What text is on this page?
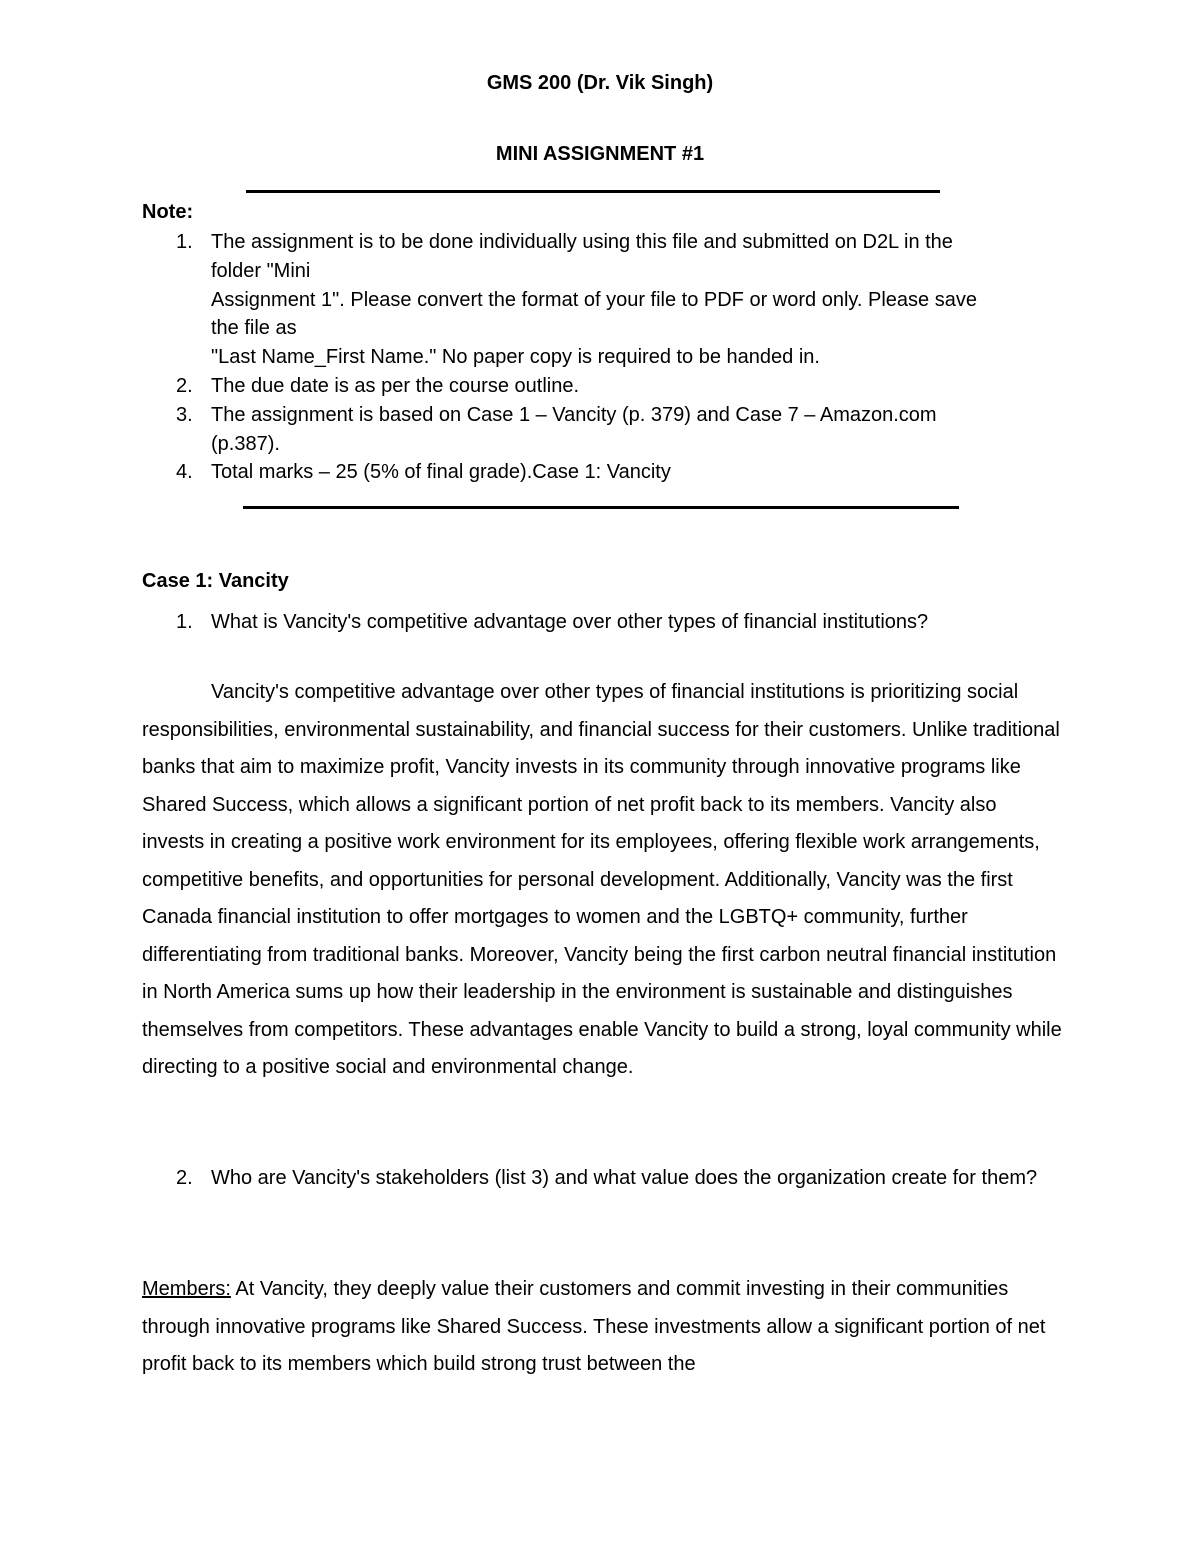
GMS 200 (Dr. Vik Singh)
MINI ASSIGNMENT #1
Note:
1. The assignment is to be done individually using this file and submitted on D2L in the
folder "Mini
Assignment 1". Please convert the format of your file to PDF or word only. Please save
the file as
"Last Name_First Name." No paper copy is required to be handed in.
2. The due date is as per the course outline.
3. The assignment is based on Case 1 – Vancity (p. 379) and Case 7 – Amazon.com
(p.387).
4. Total marks – 25 (5% of final grade).Case 1: Vancity
Case 1: Vancity
1. What is Vancity's competitive advantage over other types of financial institutions?
Vancity's competitive advantage over other types of financial institutions is prioritizing social responsibilities, environmental sustainability, and financial success for their customers. Unlike traditional banks that aim to maximize profit, Vancity invests in its community through innovative programs like Shared Success, which allows a significant portion of net profit back to its members. Vancity also invests in creating a positive work environment for its employees, offering flexible work arrangements, competitive benefits, and opportunities for personal development. Additionally, Vancity was the first Canada financial institution to offer mortgages to women and the LGBTQ+ community, further differentiating from traditional banks. Moreover, Vancity being the first carbon neutral financial institution in North America sums up how their leadership in the environment is sustainable and distinguishes themselves from competitors. These advantages enable Vancity to build a strong, loyal community while directing to a positive social and environmental change.
2. Who are Vancity's stakeholders (list 3) and what value does the organization create for them?
Members: At Vancity, they deeply value their customers and commit investing in their communities through innovative programs like Shared Success. These investments allow a significant portion of net profit back to its members which build strong trust between the
